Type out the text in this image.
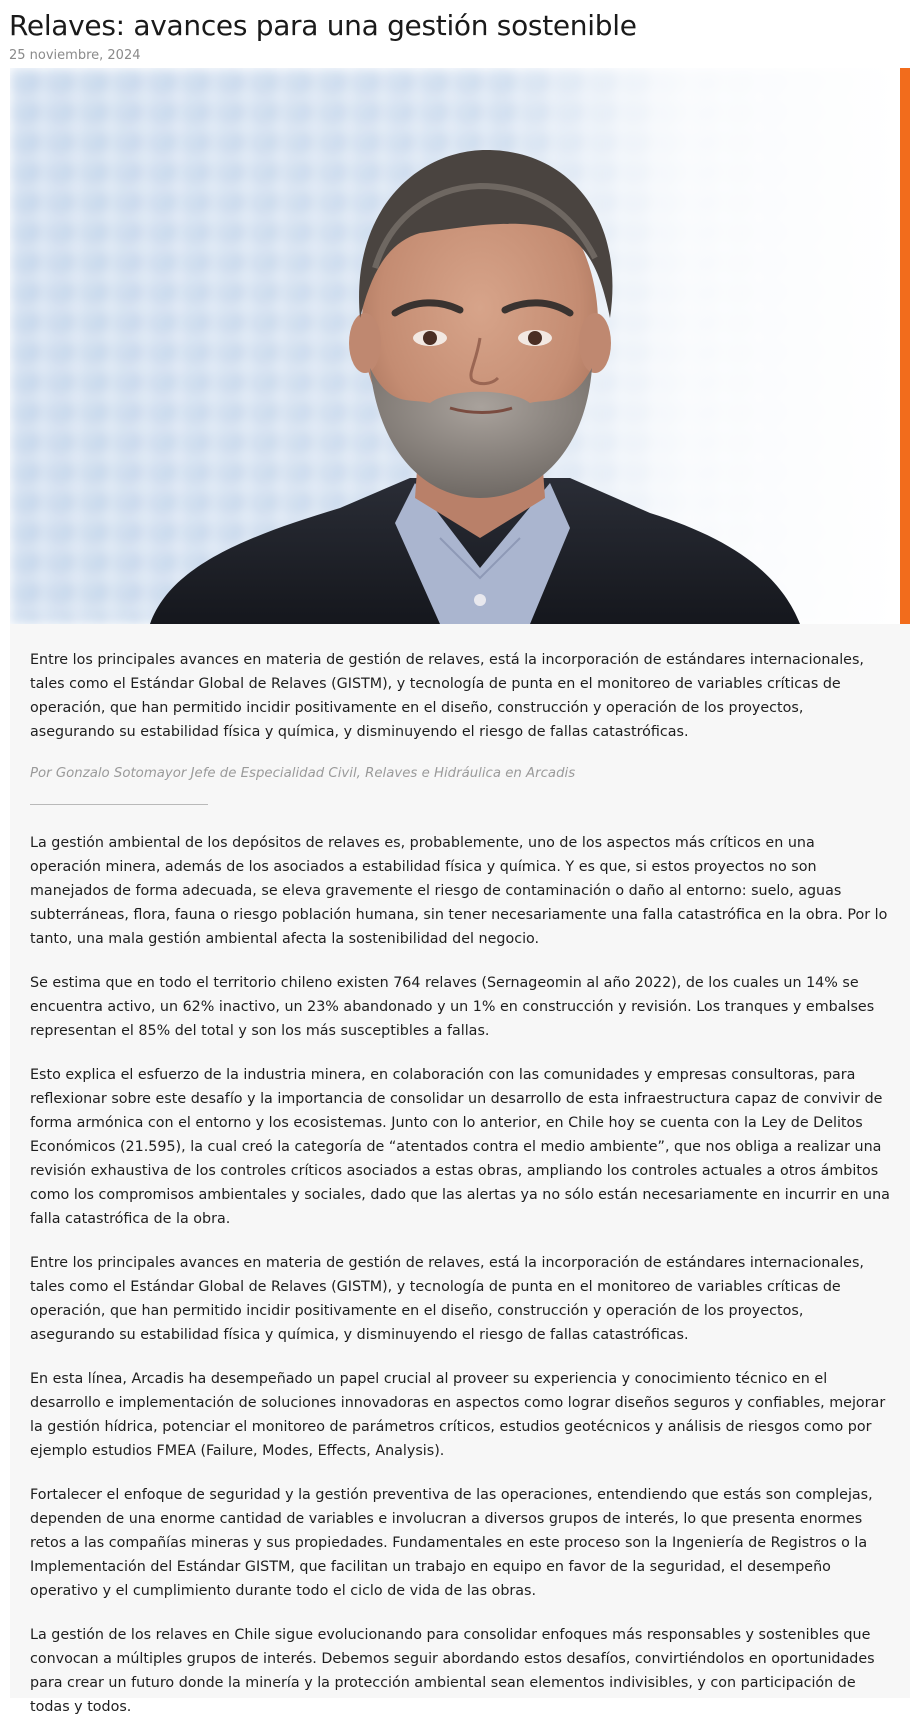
Relaves: avances para una gestión sostenible
25 noviembre, 2024

Entre los principales avances en materia de gestión de relaves, está la incorporación de estándares internacionales, tales como el Estándar Global de Relaves (GISTM), y tecnología de punta en el monitoreo de variables críticas de operación, que han permitido incidir positivamente en el diseño, construcción y operación de los proyectos, asegurando su estabilidad física y química, y disminuyendo el riesgo de fallas catastróficas.

Por Gonzalo Sotomayor Jefe de Especialidad Civil, Relaves e Hidráulica en Arcadis

La gestión ambiental de los depósitos de relaves es, probablemente, uno de los aspectos más críticos en una operación minera, además de los asociados a estabilidad física y química. Y es que, si estos proyectos no son manejados de forma adecuada, se eleva gravemente el riesgo de contaminación o daño al entorno: suelo, aguas subterráneas, flora, fauna o riesgo población humana, sin tener necesariamente una falla catastrófica en la obra. Por lo tanto, una mala gestión ambiental afecta la sostenibilidad del negocio.

Se estima que en todo el territorio chileno existen 764 relaves (Sernageomin al año 2022), de los cuales un 14% se encuentra activo, un 62% inactivo, un 23% abandonado y un 1% en construcción y revisión. Los tranques y embalses representan el 85% del total y son los más susceptibles a fallas.

Esto explica el esfuerzo de la industria minera, en colaboración con las comunidades y empresas consultoras, para reflexionar sobre este desafío y la importancia de consolidar un desarrollo de esta infraestructura capaz de convivir de forma armónica con el entorno y los ecosistemas. Junto con lo anterior, en Chile hoy se cuenta con la Ley de Delitos Económicos (21.595), la cual creó la categoría de “atentados contra el medio ambiente”, que nos obliga a realizar una revisión exhaustiva de los controles críticos asociados a estas obras, ampliando los controles actuales a otros ámbitos como los compromisos ambientales y sociales, dado que las alertas ya no sólo están necesariamente en incurrir en una falla catastrófica de la obra.

Entre los principales avances en materia de gestión de relaves, está la incorporación de estándares internacionales, tales como el Estándar Global de Relaves (GISTM), y tecnología de punta en el monitoreo de variables críticas de operación, que han permitido incidir positivamente en el diseño, construcción y operación de los proyectos, asegurando su estabilidad física y química, y disminuyendo el riesgo de fallas catastróficas.

En esta línea, Arcadis ha desempeñado un papel crucial al proveer su experiencia y conocimiento técnico en el desarrollo e implementación de soluciones innovadoras en aspectos como lograr diseños seguros y confiables, mejorar la gestión hídrica, potenciar el monitoreo de parámetros críticos, estudios geotécnicos y análisis de riesgos como por ejemplo estudios FMEA (Failure, Modes, Effects, Analysis).

Fortalecer el enfoque de seguridad y la gestión preventiva de las operaciones, entendiendo que estás son complejas, dependen de una enorme cantidad de variables e involucran a diversos grupos de interés, lo que presenta enormes retos a las compañías mineras y sus propiedades. Fundamentales en este proceso son la Ingeniería de Registros o la Implementación del Estándar GISTM, que facilitan un trabajo en equipo en favor de la seguridad, el desempeño operativo y el cumplimiento durante todo el ciclo de vida de las obras.

La gestión de los relaves en Chile sigue evolucionando para consolidar enfoques más responsables y sostenibles que convocan a múltiples grupos de interés. Debemos seguir abordando estos desafíos, convirtiéndolos en oportunidades para crear un futuro donde la minería y la protección ambiental sean elementos indivisibles, y con participación de todas y todos.
